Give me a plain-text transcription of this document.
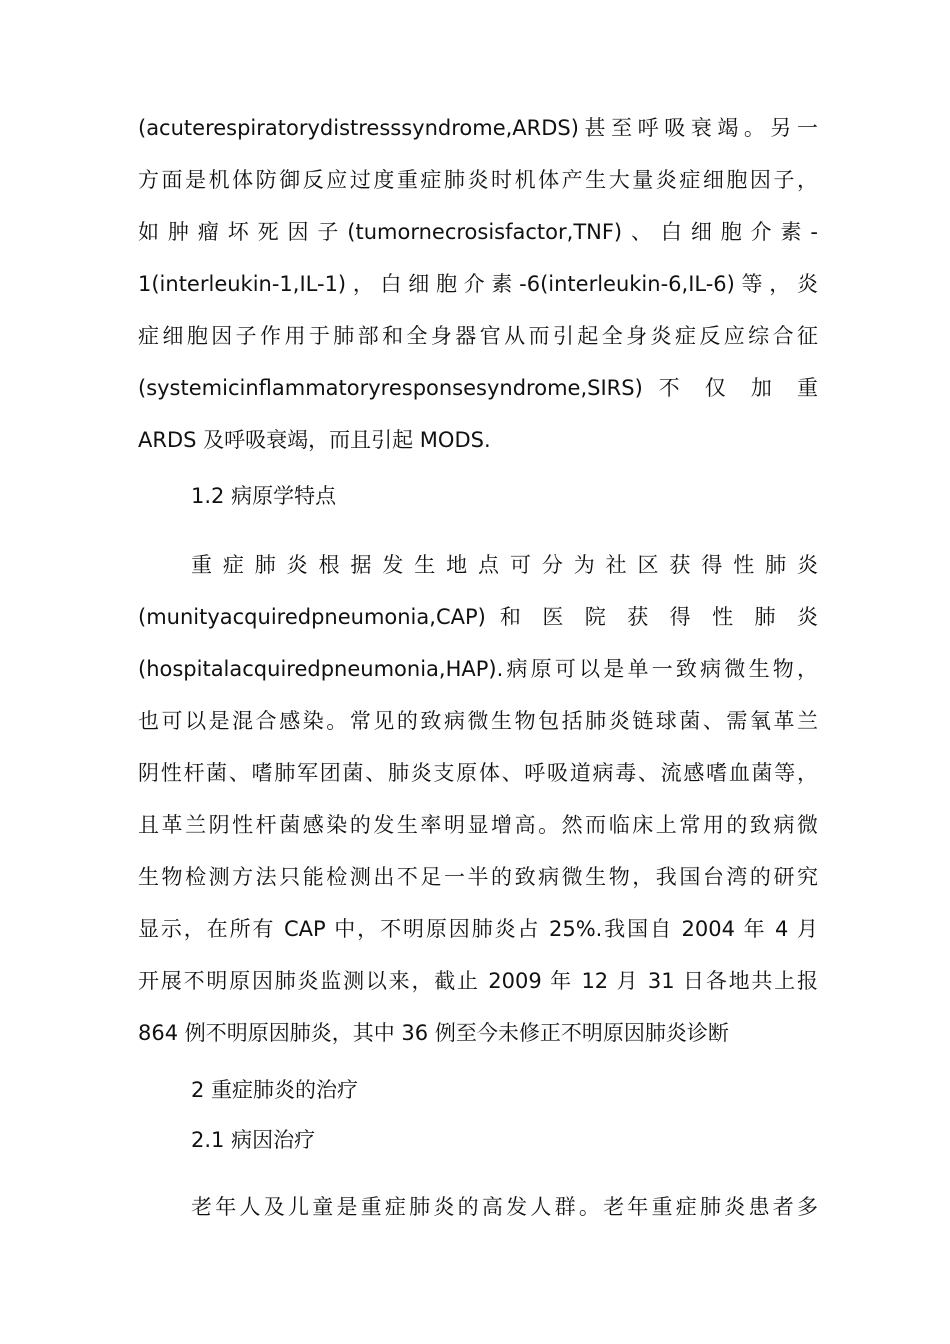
(acuterespiratorydistresssyndrome,ARDS)甚至呼吸衰竭。另一
方面是机体防御反应过度重症肺炎时机体产生大量炎症细胞因子，
如肿瘤坏死因子(tumornecrosisfactor,TNF)、白细胞介素-
1(interleukin-1,IL-1)，白细胞介素-6(interleukin-6,IL-6)等，炎
症细胞因子作用于肺部和全身器官从而引起全身炎症反应综合征
(systemicinflammatoryresponsesyndrome,SIRS) 不 仅 加 重
ARDS 及呼吸衰竭，而且引起 MODS.
1.2 病原学特点
重症肺炎根据发生地点可分为社区获得性肺炎
(munityacquiredpneumonia,CAP) 和 医 院 获 得 性 肺 炎
(hospitalacquiredpneumonia,HAP).病原可以是单一致病微生物，
也可以是混合感染。常见的致病微生物包括肺炎链球菌、需氧革兰
阴性杆菌、嗜肺军团菌、肺炎支原体、呼吸道病毒、流感嗜血菌等，
且革兰阴性杆菌感染的发生率明显增高。然而临床上常用的致病微
生物检测方法只能检测出不足一半的致病微生物，我国台湾的研究
显示，在所有 CAP 中，不明原因肺炎占 25%.我国自 2004 年 4 月
开展不明原因肺炎监测以来，截止 2009 年 12 月 31 日各地共上报
864 例不明原因肺炎，其中 36 例至今未修正不明原因肺炎诊断
2 重症肺炎的治疗
2.1 病因治疗
老年人及儿童是重症肺炎的高发人群。老年重症肺炎患者多
